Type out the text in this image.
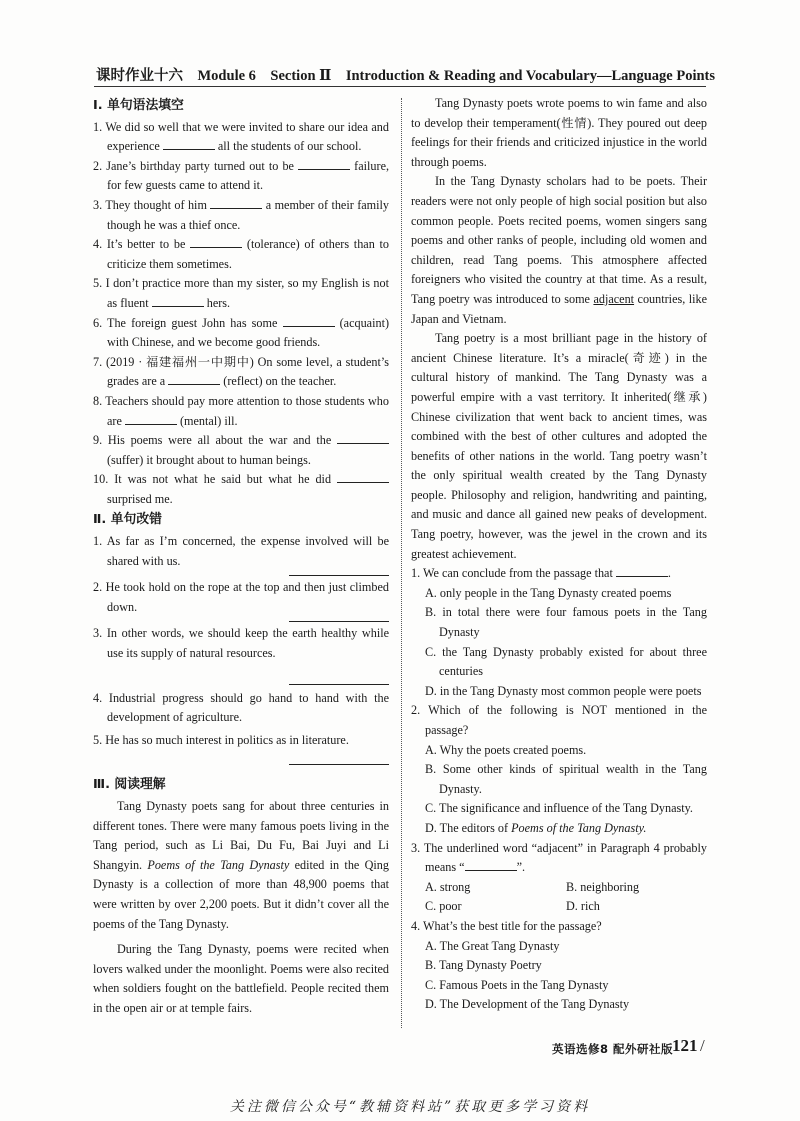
课时作业十六　Module 6　Section Ⅱ　Introduction & Reading and Vocabulary—Language Points
Ⅰ. 单句语法填空
1. We did so well that we were invited to share our idea and experience	all the students of our school.
2. Jane’s birthday party turned out to be	failure, for few guests came to attend it.
3. They thought of him	a member of their family though he was a thief once.
4. It’s better to be	(tolerance) of others than to criticize them sometimes.
5. I don’t practice more than my sister, so my English is not as fluent	hers.
6. The foreign guest John has some	(acquaint) with Chinese, and we become good friends.
7. (2019 · 福建福州一中期中) On some level, a student’s grades are a	(reflect) on the teacher.
8. Teachers should pay more attention to those students who are	(mental) ill.
9. His poems were all about the war and the  (suffer) it brought about to human beings.
10. It was not what he said but what he did  surprised me.
Ⅱ. 单句改错
1. As far as I’m concerned, the expense involved will be shared with us.
2. He took hold on the rope at the top and then just climbed down.
3. In other words, we should keep the earth healthy while use its supply of natural resources.
4. Industrial progress should go hand to hand with the development of agriculture.
5. He has so much interest in politics as in literature.
Ⅲ. 阅读理解
Tang Dynasty poets sang for about three centuries in different tones. There were many famous poets living in the Tang period, such as Li Bai, Du Fu, Bai Juyi and Li Shangyin. Poems of the Tang Dynasty edited in the Qing Dynasty is a collection of more than 48,900 poems that were written by over 2,200 poets. But it didn’t cover all the poems of the Tang Dynasty.
During the Tang Dynasty, poems were recited when lovers walked under the moonlight. Poems were also recited when soldiers fought on the battlefield. People recited them in the open air or at temple fairs.
Tang Dynasty poets wrote poems to win fame and also to develop their temperament(性情). They poured out deep feelings for their friends and criticized injustice in the world through poems.
In the Tang Dynasty scholars had to be poets. Their readers were not only people of high social position but also common people. Poets recited poems, women singers sang poems and other ranks of people, including old women and children, read Tang poems. This atmosphere affected foreigners who visited the country at that time. As a result, Tang poetry was introduced to some adjacent countries, like Japan and Vietnam.
Tang poetry is a most brilliant page in the history of ancient Chinese literature. It’s a miracle(奇迹) in the cultural history of mankind. The Tang Dynasty was a powerful empire with a vast territory. It inherited(继承) Chinese civilization that went back to ancient times, was combined with the best of other cultures and adopted the benefits of other nations in the world. Tang poetry wasn’t the only spiritual wealth created by the Tang Dynasty people. Philosophy and religion, handwriting and painting, and music and dance all gained new peaks of development. Tang poetry, however, was the jewel in the crown and its greatest achievement.
1. We can conclude from the passage that	.
A. only people in the Tang Dynasty created poems
B. in total there were four famous poets in the Tang Dynasty
C. the Tang Dynasty probably existed for about three centuries
D. in the Tang Dynasty most common people were poets
2. Which of the following is NOT mentioned in the passage?
A. Why the poets created poems.
B. Some other kinds of spiritual wealth in the Tang Dynasty.
C. The significance and influence of the Tang Dynasty.
D. The editors of Poems of the Tang Dynasty.
3. The underlined word “adjacent” in Paragraph 4 probably means “	”.
A. strong	B. neighboring
C. poor	D. rich
4. What’s the best title for the passage?
A. The Great Tang Dynasty
B. Tang Dynasty Poetry
C. Famous Poets in the Tang Dynasty
D. The Development of the Tang Dynasty
英语选修8 配外研社版
121 /
关注微信公众号“教辅资料站”获取更多学习资料
